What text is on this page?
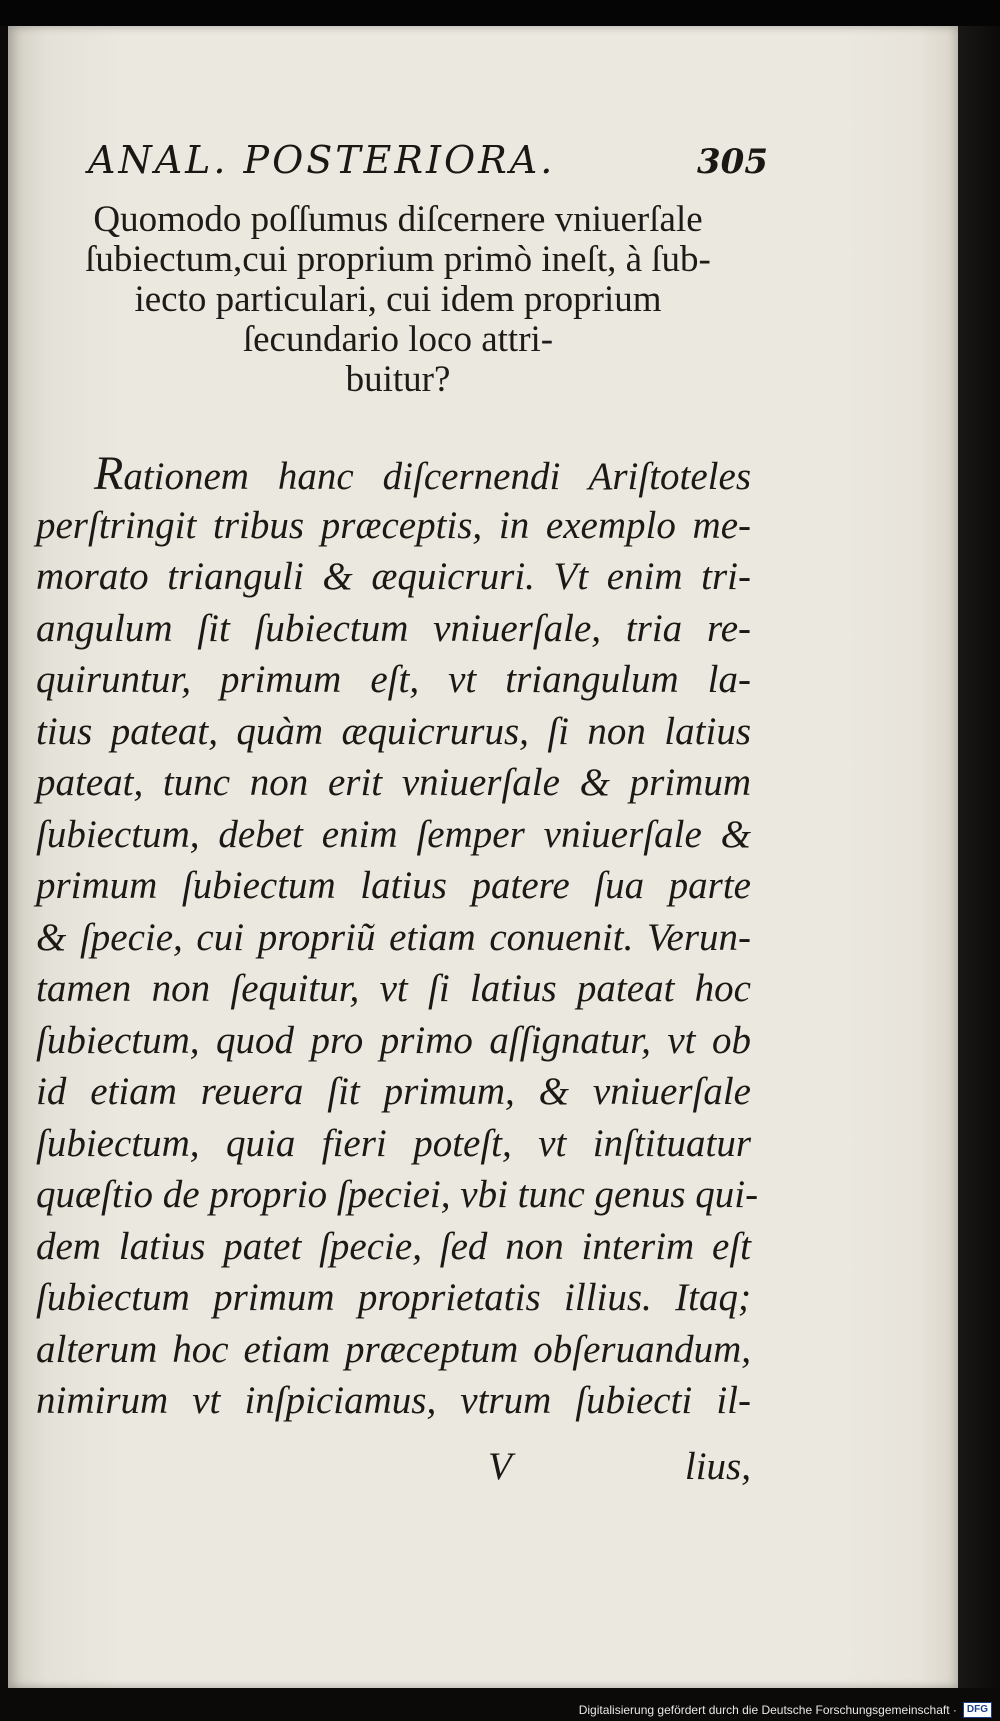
ANAL. POSTERIORA.	305
Quomodo poſſumus diſcernere vniuerſale
ſubiectum,cui proprium primò ineſt, à ſub-
iecto particulari, cui idem proprium
ſecundario loco attri-
buitur?
Rationem hanc diſcernendi Ariſtoteles
perſtringit tribus præceptis, in exemplo me-
morato trianguli & æquicruri. Vt enim tri-
angulum ſit ſubiectum vniuerſale, tria re-
quiruntur, primum eſt, vt triangulum la-
tius pateat, quàm æquicrurus, ſi non latius
pateat, tunc non erit vniuerſale & primum
ſubiectum, debet enim ſemper vniuerſale &
primum ſubiectum latius patere ſua parte
& ſpecie, cui propriũ etiam conuenit. Verun-
tamen non ſequitur, vt ſi latius pateat hoc
ſubiectum, quod pro primo aſſignatur, vt ob
id etiam reuera ſit primum, & vniuerſale
ſubiectum, quia fieri poteſt, vt inſtituatur
quæſtio de proprio ſpeciei, vbi tunc genus qui-
dem latius patet ſpecie, ſed non interim eſt
ſubiectum primum proprietatis illius. Itaq;
alterum hoc etiam præceptum obſeruandum,
nimirum vt inſpiciamus, vtrum ſubiecti il-
V	lius,
Digitalisierung gefördert durch die Deutsche Forschungsgemeinschaft ·	DFG
